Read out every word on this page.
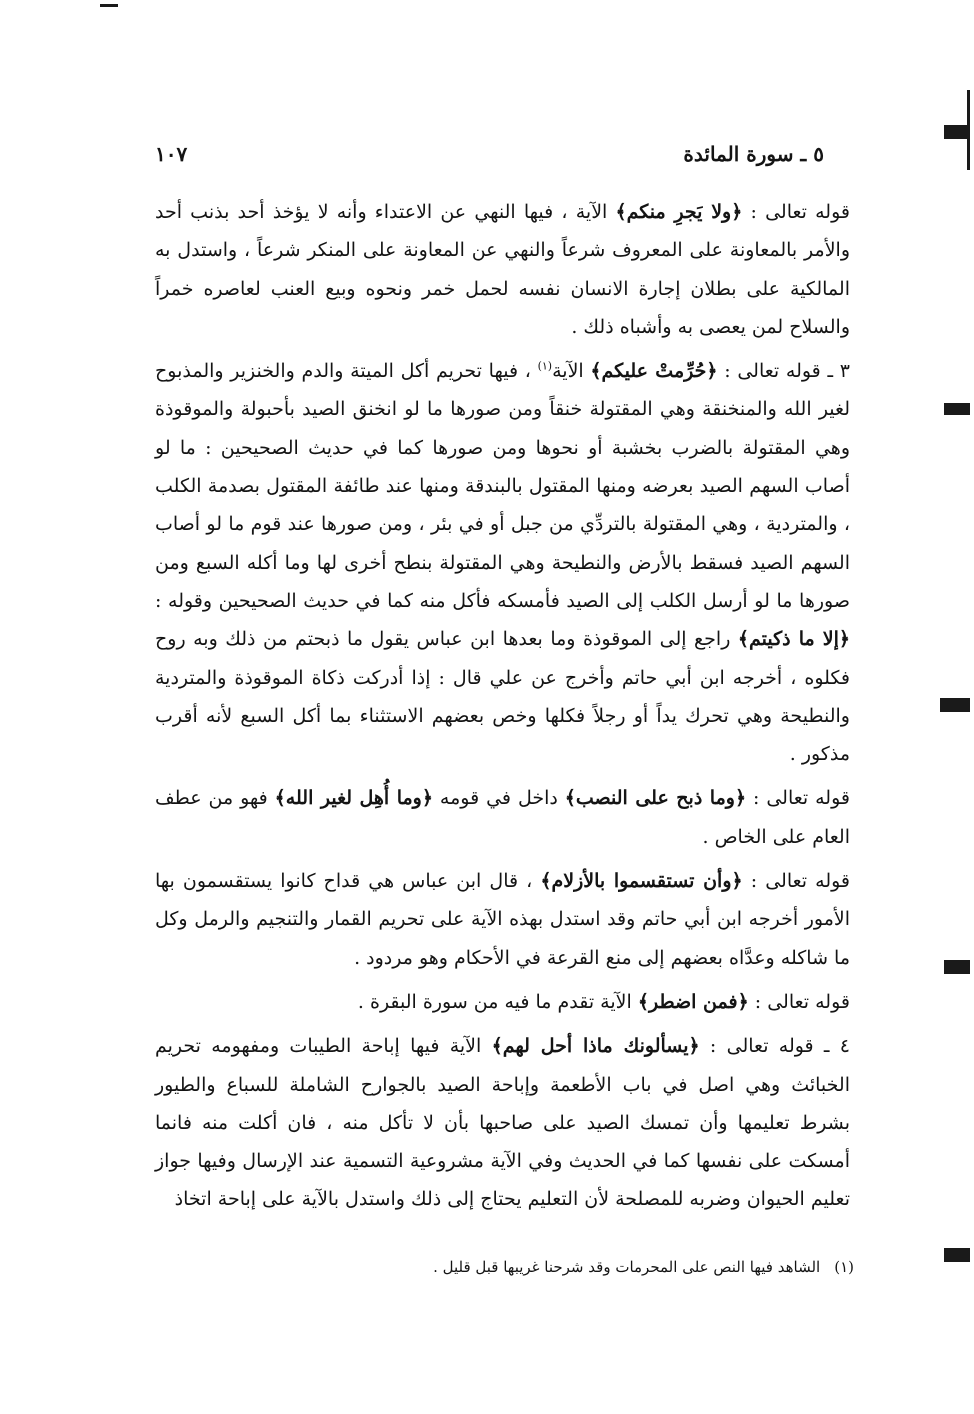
٥ ـ سورة المائدة
١٠٧

قوله تعالى : ﴿ولا يَجرِ منكم﴾ الآية ، فيها النهي عن الاعتداء وأنه لا يؤخذ أحد بذنب أحد والأمر بالمعاونة على المعروف شرعاً والنهي عن المعاونة على المنكر شرعاً ، واستدل به المالكية على بطلان إجارة الانسان نفسه لحمل خمر ونحوه وبيع العنب لعاصره خمراً والسلاح لمن يعصى به وأشباه ذلك .

٣ ـ قوله تعالى : ﴿حُرِّمتْ عليكم﴾ الآية$^{(١)}$ ، فيها تحريم أكل الميتة والدم والخنزير والمذبوح لغير الله والمنخنقة وهي المقتولة خنقاً ومن صورها ما لو انخنق الصيد بأحبولة والموقوذة وهي المقتولة بالضرب بخشبة أو نحوها ومن صورها كما في حديث الصحيحين : ما لو أصاب السهم الصيد بعرضه ومنها المقتول بالبندقة ومنها عند طائفة المقتول بصدمة الكلب ، والمتردية ، وهي المقتولة بالتردِّي من جبل أو في بئر ، ومن صورها عند قوم ما لو أصاب السهم الصيد فسقط بالأرض والنطيحة وهي المقتولة بنطح أخرى لها وما أكله السبع ومن صورها ما لو أرسل الكلب إلى الصيد فأمسكه فأكل منه كما في حديث الصحيحين وقوله : ﴿إلا ما ذكيتم﴾ راجع إلى الموقوذة وما بعدها ابن عباس يقول ما ذبحتم من ذلك وبه روح فكلوه ، أخرجه ابن أبي حاتم وأخرج عن علي قال : إذا أدركت ذكاة الموقوذة والمتردية والنطيحة وهي تحرك يداً أو رجلاً فكلها وخص بعضهم الاستثناء بما أكل السبع لأنه أقرب مذكور .

قوله تعالى : ﴿وما ذبح على النصب﴾ داخل في قومه ﴿وما أُهِل لغير الله﴾ فهو من عطف العام على الخاص .

قوله تعالى : ﴿وأن تستقسموا بالأزلام﴾ ، قال ابن عباس هي قداح كانوا يستقسمون بها الأمور أخرجه ابن أبي حاتم وقد استدل بهذه الآية على تحريم القمار والتنجيم والرمل وكل ما شاكله وعدَّاه بعضهم إلى منع القرعة في الأحكام وهو مردود .

قوله تعالى : ﴿فمن اضطر﴾ الآية تقدم ما فيه من سورة البقرة .

٤ ـ قوله تعالى : ﴿يسألونك ماذا أحل لهم﴾ الآية فيها إباحة الطيبات ومفهومه تحريم الخبائث وهي اصل في باب الأطعمة وإباحة الصيد بالجوارح الشاملة للسباع والطيور بشرط تعليمها وأن تمسك الصيد على صاحبها بأن لا تأكل منه ، فان أكلت منه فانما أمسكت على نفسها كما في الحديث وفي الآية مشروعية التسمية عند الإرسال وفيها جواز تعليم الحيوان وضربه للمصلحة لأن التعليم يحتاج إلى ذلك واستدل بالآية على إباحة اتخاذ

(١)الشاهد فيها النص على المحرمات وقد شرحنا غريبها قبل قليل .
